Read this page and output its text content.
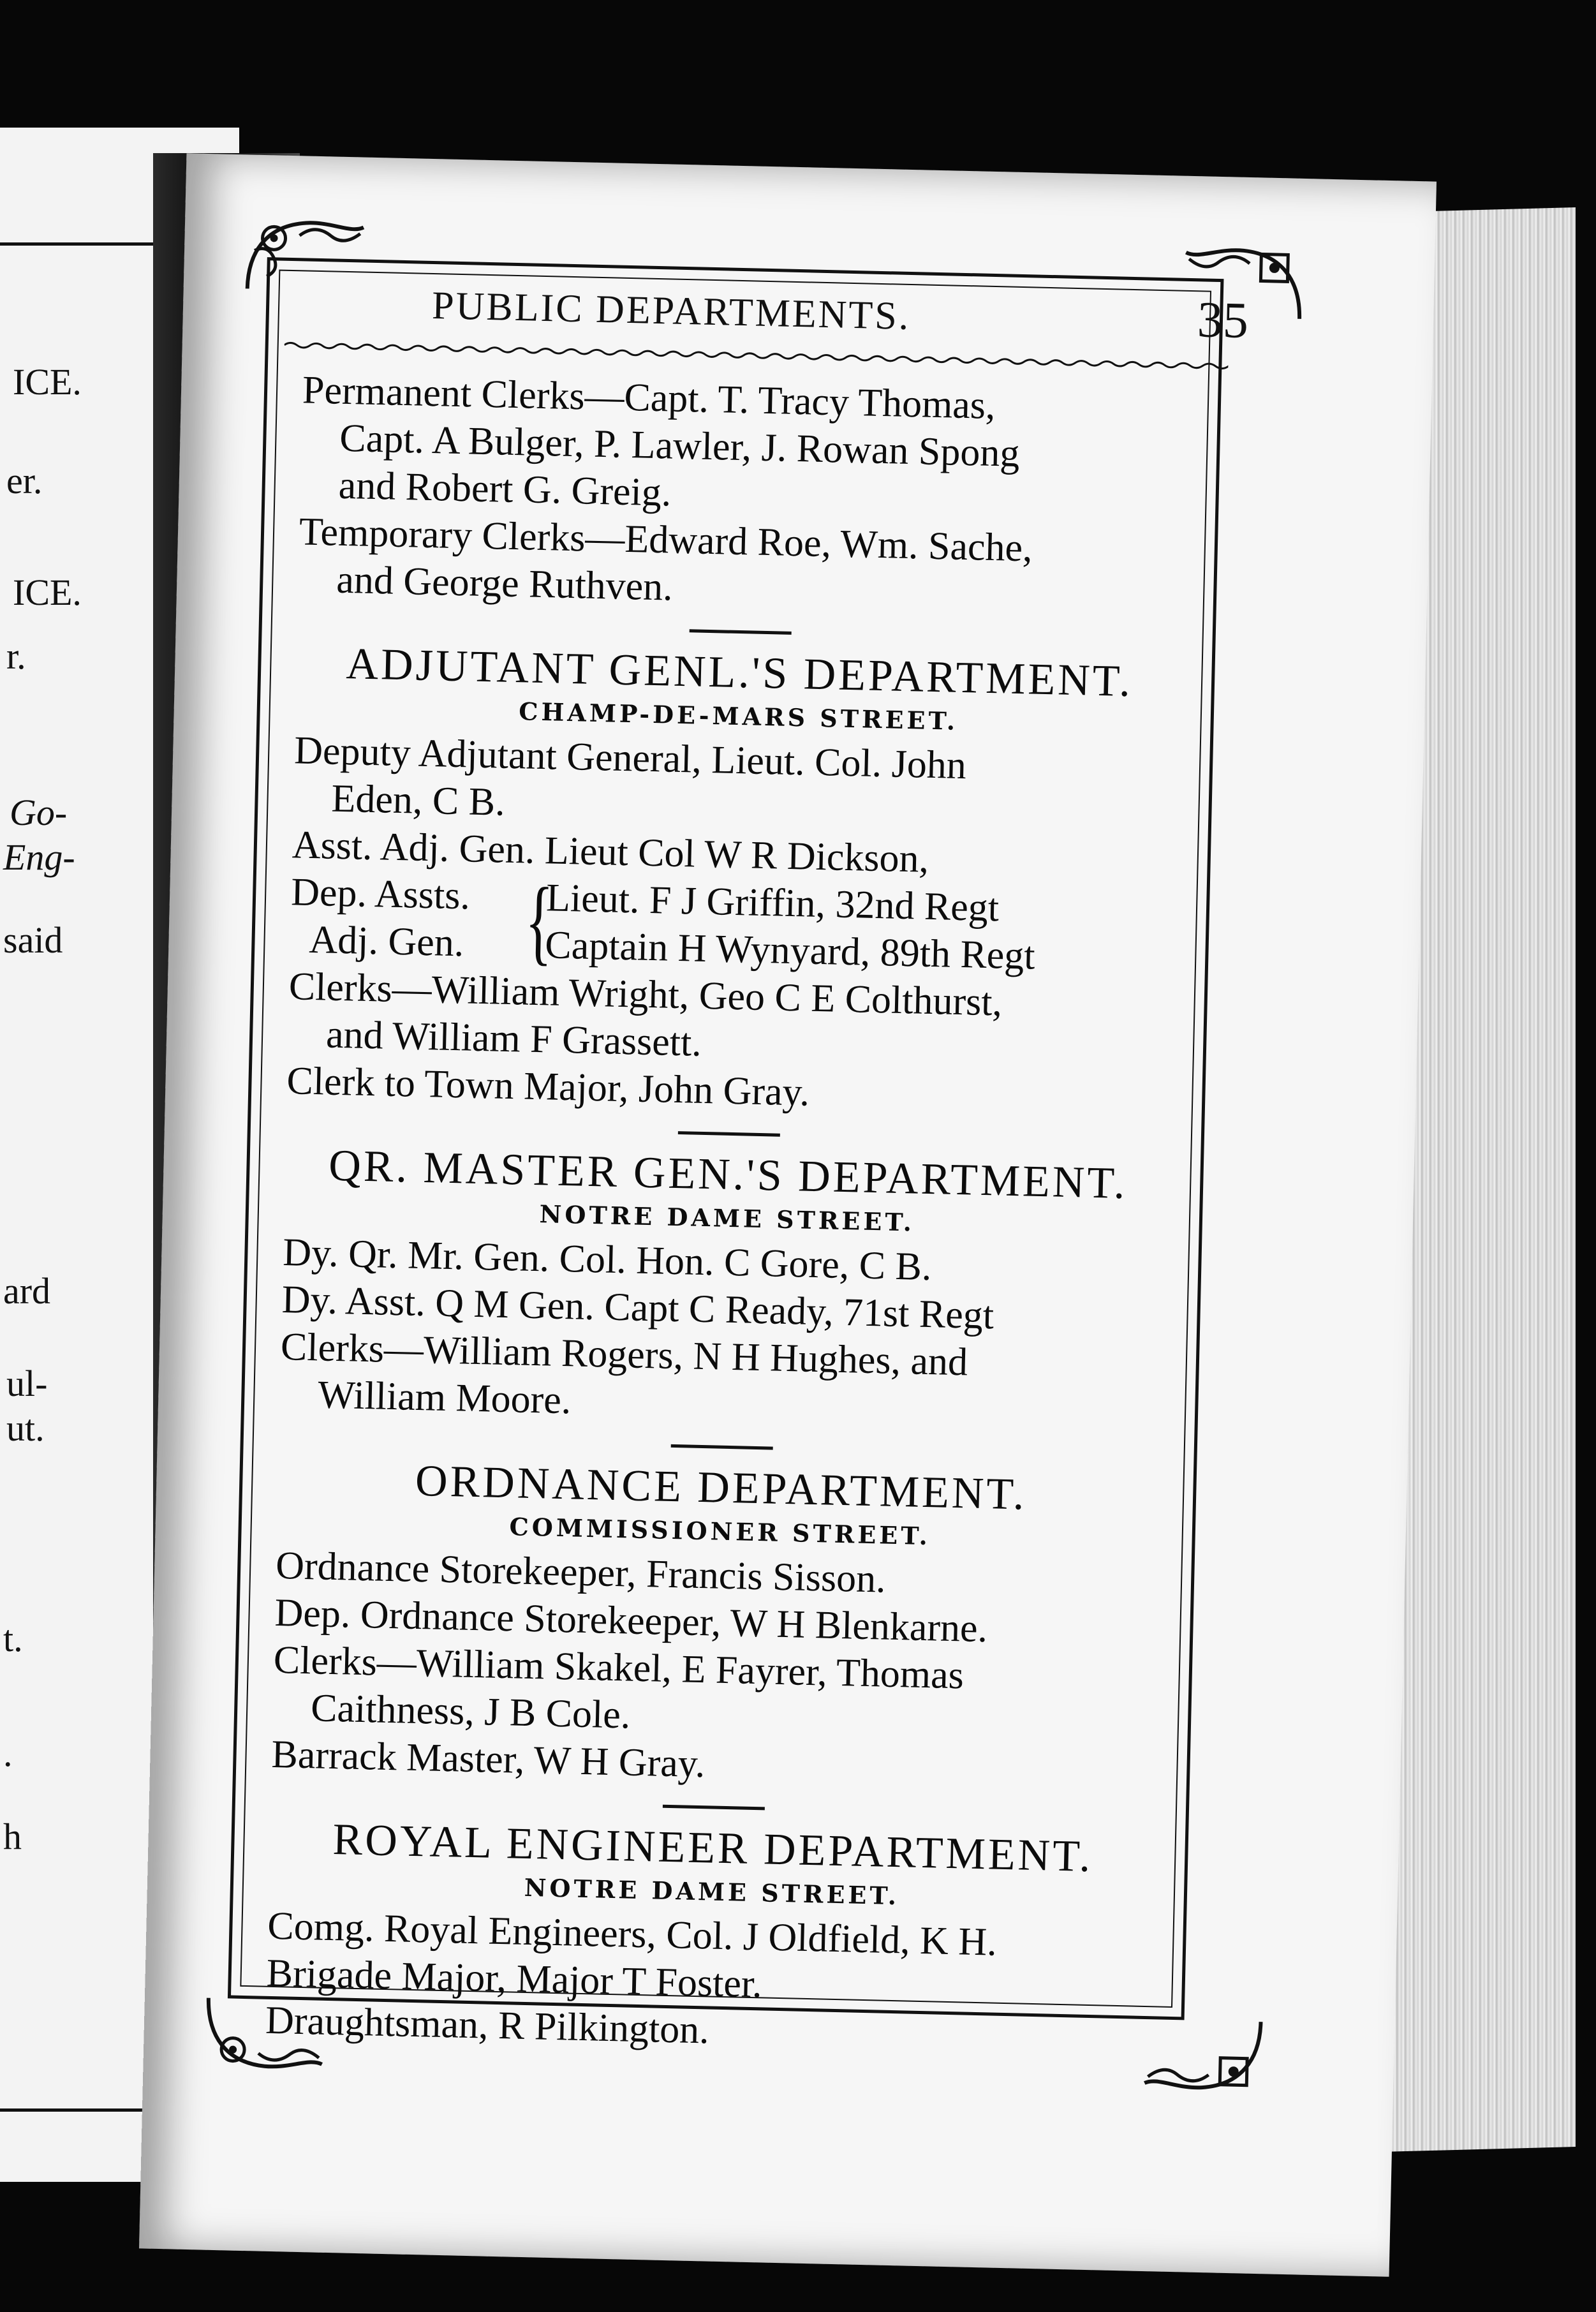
ICE.
er.
ICE.
r.
Go-
Eng-
said
ard
ul-
ut.
t.
.
h
PUBLIC DEPARTMENTS.	35

Permanent Clerks—Capt. T. Tracy Thomas,

Capt. A Bulger, P. Lawler, J. Rowan Spong

and Robert G. Greig.

Temporary Clerks—Edward Roe, Wm. Sache,

and George Ruthven.

ADJUTANT GENL.'S DEPARTMENT.

CHAMP-DE-MARS STREET.

Deputy Adjutant General, Lieut. Col. John

Eden, C B.

Asst. Adj. Gen. Lieut Col W R Dickson,

Dep. Assts.
Adj. Gen. {
Lieut. F J Griffin, 32nd Regt
Captain H Wynyard, 89th Regt

Clerks—William Wright, Geo C E Colthurst,

and William F Grassett.

Clerk to Town Major, John Gray.

QR. MASTER GEN.'S DEPARTMENT.

NOTRE DAME STREET.

Dy. Qr. Mr. Gen. Col. Hon. C Gore, C B.

Dy. Asst. Q M Gen. Capt C Ready, 71st Regt

Clerks—William Rogers, N H Hughes, and

William Moore.

ORDNANCE DEPARTMENT.

COMMISSIONER STREET.

Ordnance Storekeeper, Francis Sisson.

Dep. Ordnance Storekeeper, W H Blenkarne.

Clerks—William Skakel, E Fayrer, Thomas

Caithness, J B Cole.

Barrack Master, W H Gray.

ROYAL ENGINEER DEPARTMENT.

NOTRE DAME STREET.

Comg. Royal Engineers, Col. J Oldfield, K H.

Brigade Major, Major T Foster.

Draughtsman, R Pilkington.
